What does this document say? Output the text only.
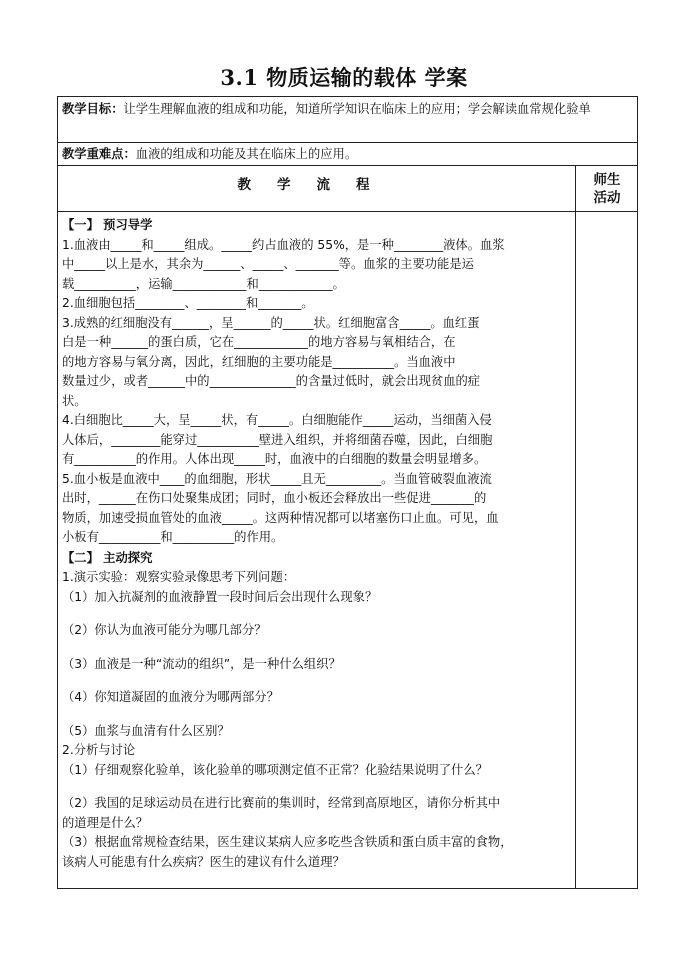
3.1 物质运输的载体 学案
教学目标：让学生理解血液的组成和功能，知道所学知识在临床上的应用；学会解读血常规化验单
教学重难点：血液的组成和功能及其在临床上的应用。
教学流程	师生
活动

【一】 预习导学

1.血液由_____和_____组成。_____约占血液的 55%，是一种________液体。血浆

中_____以上是水，其余为______、_____、_______等。血浆的主要功能是运

载__________，运输____________和____________。

2.血细胞包括________、________和_______。

3.成熟的红细胞没有______，呈______的_____状。红细胞富含_____。血红蛋

白是一种______的蛋白质，它在____________的地方容易与氧相结合，在

的地方容易与氧分离，因此，红细胞的主要功能是__________。当血液中

数量过少，或者______中的______________的含量过低时，就会出现贫血的症

状。

4.白细胞比_____大，呈_____状，有_____。白细胞能作_____运动，当细菌入侵

人体后，________能穿过__________壁进入组织，并将细菌吞噬，因此，白细胞

有__________的作用。人体出现_____时，血液中的白细胞的数量会明显增多。

5.血小板是血液中____的血细胞，形状_____且无_________。当血管破裂血液流

出时，______在伤口处聚集成团；同时，血小板还会释放出一些促进_______的

物质，加速受损血管处的血液_____。这两种情况都可以堵塞伤口止血。可见，血

小板有__________和__________的作用。

【二】 主动探究

1.演示实验：观察实验录像思考下列问题：

（1）加入抗凝剂的血液静置一段时间后会出现什么现象？

（2）你认为血液可能分为哪几部分？

（3）血液是一种“流动的组织”，是一种什么组织？

（4）你知道凝固的血液分为哪两部分？

（5）血浆与血清有什么区别？

2.分析与讨论

（1）仔细观察化验单，该化验单的哪项测定值不正常？化验结果说明了什么？

（2）我国的足球运动员在进行比赛前的集训时，经常到高原地区，请你分析其中

的道理是什么？

（3）根据血常规检查结果，医生建议某病人应多吃些含铁质和蛋白质丰富的食物，

该病人可能患有什么疾病？医生的建议有什么道理？
